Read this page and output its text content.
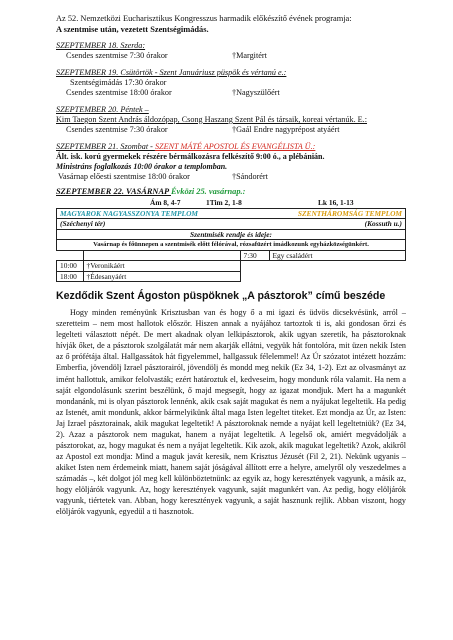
Az 52. Nemzetközi Eucharisztikus Kongresszus harmadik előkészítő évének programja:
A szentmise után, vezetett Szentségimádás.
SZEPTEMBER 18. Szerda:
Csendes szentmise 7:30 órakor	†Margitért
SZEPTEMBER 19. Csütörtök - Szent Januáriusz püspök és vértanú e.:
Szentségimádás 17:30 órakor
Csendes szentmise 18:00 órakor	†Nagyszülőért
SZEPTEMBER 20. Péntek –
Kim Taegon Szent András áldozópap, Csong Haszang Szent Pál és társaik, koreai vértanúk. E.:
Csendes szentmise 7:30 órakor	†Gaál Endre nagyprépost atyáért
SZEPTEMBER 21. Szombat - SZENT MÁTÉ APOSTOL ÉS EVANGÉLISTA Ü.:
Ált. isk. korú gyermekek részére bérmálkozásra felkészítő 9:00 ó., a plébánián.
Ministráns foglalkozás 10:00 órakor a templomban.
Vasárnap előesti szentmise 18:00 órakor	†Sándorért
SZEPTEMBER 22. VASÁRNAP Évközi 25. vasárnap.:
Ám 8, 4-7	1Tim 2, 1-8	Lk 16, 1-13
MAGYAROK NAGYASSZONYA TEMPLOM		SZENTHÁROMSÁG TEMPLOM	
(Széchenyi tér)		(Kossuth u.)	
Szentmisék rendje és ideje:			
Vasárnap és főünnepen a szentmisék előtt félórával, rózsafüzért imádkozunk egyházközségünkért.			
		7:30	Egy családért
10:00	†Veronikáért		
18:00	†Édesanyáért		
Kezdődik Szent Ágoston püspöknek „A pásztorok” című beszéde
Hogy minden reményünk Krisztusban van és hogy ő a mi igazi és üdvös dicsekvésünk, arról – szeretteim – nem most hallotok először. Hiszen annak a nyájához tartoztok ti is, aki gondosan őrzi és legelteti választott népét. De mert akadnak olyan lelkipásztorok, akik ugyan szeretik, ha pásztoroknak hívják őket, de a pásztorok szolgálatát már nem akarják ellátni, vegyük hát fontolóra, mit üzen nekik Isten az ő prófétája által. Hallgassátok hát figyelemmel, hallgassuk félelemmel! Az Úr szózatot intézett hozzám: Emberfia, jövendölj Izrael pásztorairól, jövendölj és mondd meg nekik (Ez 34, 1-2). Ezt az olvasmányt az imént hallottuk, amikor felolvasták; ezért határoztuk el, kedveseim, hogy mondunk róla valamit. Ha nem a saját elgondolásunk szerint beszélünk, ő majd megsegít, hogy az igazat mondjuk. Mert ha a magunkét mondanánk, mi is olyan pásztorok lennénk, akik csak saját magukat és nem a nyájukat legeltetik. Ha pedig az Istenét, amit mondunk, akkor bármelyikünk által maga Isten legeltet titeket. Ezt mondja az Úr, az Isten: Jaj Izrael pásztorainak, akik magukat legeltetik! A pásztoroknak nemde a nyájat kell legeltetniük? (Ez 34, 2). Azaz a pásztorok nem magukat, hanem a nyájat legeltetik. A legelső ok, amiért megvádolják a pásztorokat, az, hogy magukat és nem a nyájat legeltetik. Kik azok, akik magukat legeltetik? Azok, akikről az Apostol ezt mondja: Mind a maguk javát keresik, nem Krisztus Jézusét (Fil 2, 21). Nekünk ugyanis – akiket Isten nem érdemeink miatt, hanem saját jóságával állított erre a helyre, amelyről oly veszedelmes a számadás –, két dolgot jól meg kell különböztetnünk: az egyik az, hogy keresztények vagyunk, a másik az, hogy elöljárók vagyunk. Az, hogy keresztények vagyunk, saját magunkért van. Az pedig, hogy elöljárók vagyunk, tiértetek van. Abban, hogy keresztények vagyunk, a saját hasznunk rejlik. Abban viszont, hogy elöljárók vagyunk, egyedül a ti hasznotok.
